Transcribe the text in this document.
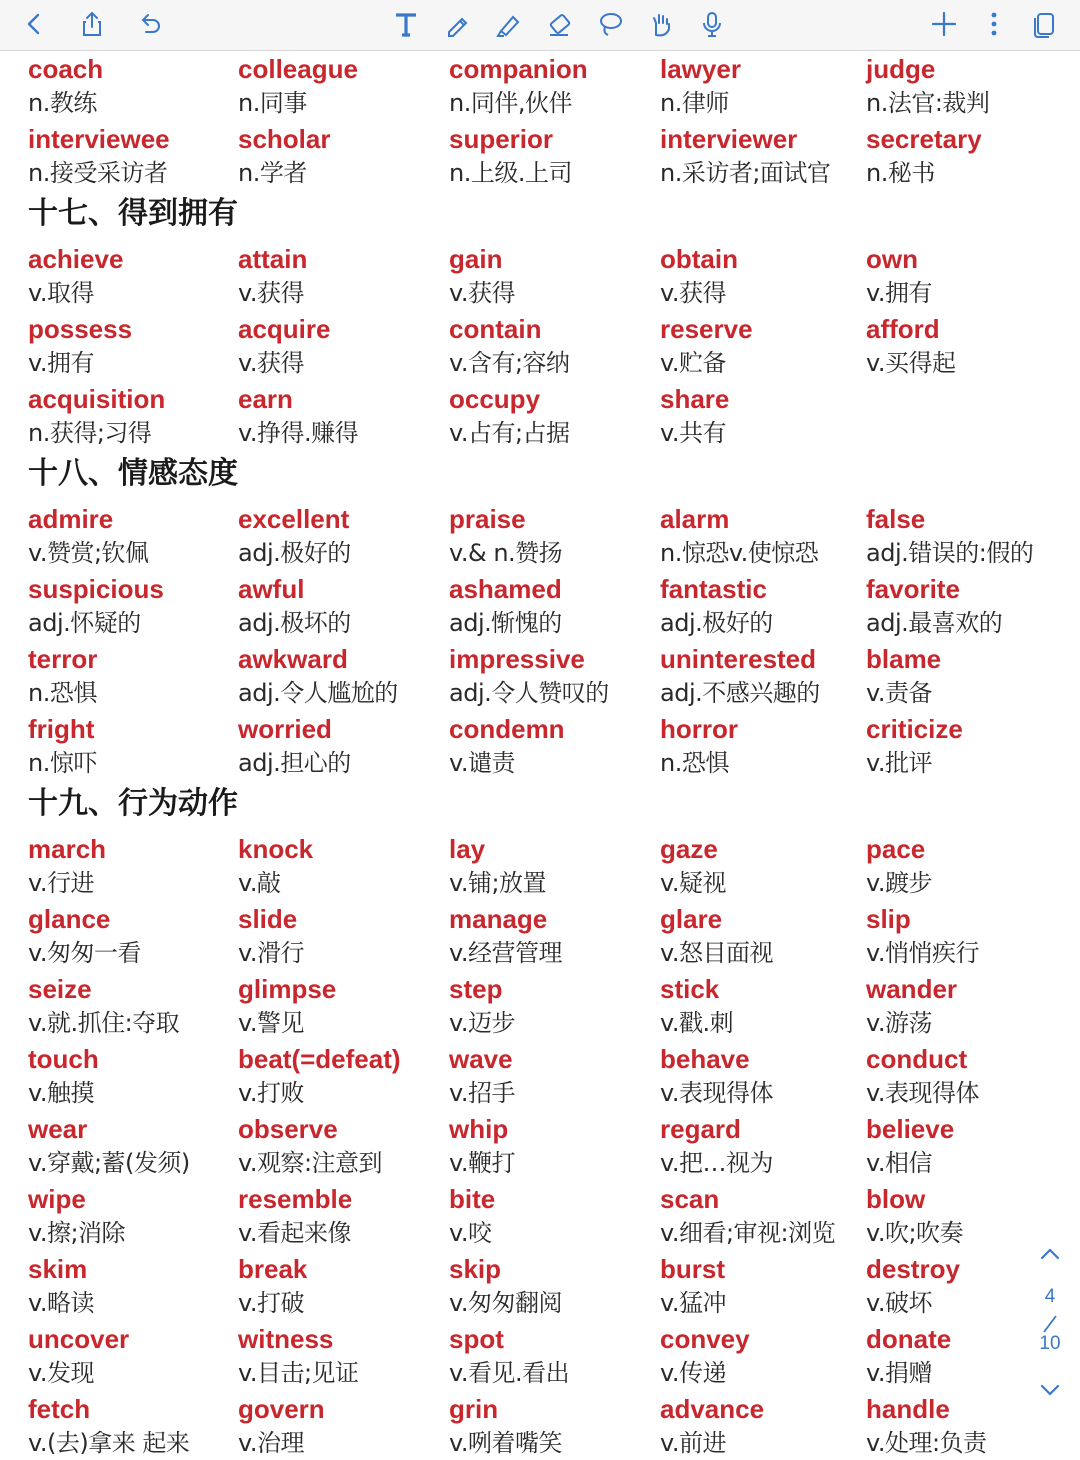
coach
n.教练
colleague
n.同事
companion
n.同伴,伙伴
lawyer
n.律师
judge
n.法官:裁判
interviewee
n.接受采访者
scholar
n.学者
superior
n.上级.上司
interviewer
n.采访者;面试官
secretary
n.秘书
十七、得到拥有
achieve
v.取得
attain
v.获得
gain
v.获得
obtain
v.获得
own
v.拥有
possess
v.拥有
acquire
v.获得
contain
v.含有;容纳
reserve
v.贮备
afford
v.买得起
acquisition
n.获得;习得
earn
v.挣得.赚得
occupy
v.占有;占据
share
v.共有
十八、情感态度
admire
v.赞赏;钦佩
excellent
adj.极好的
praise
v.& n.赞扬
alarm
n.惊恐v.使惊恐
false
adj.错误的:假的
suspicious
adj.怀疑的
awful
adj.极坏的
ashamed
adj.惭愧的
fantastic
adj.极好的
favorite
adj.最喜欢的
terror
n.恐惧
awkward
adj.令人尴尬的
impressive
adj.令人赞叹的
uninterested
adj.不感兴趣的
blame
v.责备
fright
n.惊吓
worried
adj.担心的
condemn
v.谴责
horror
n.恐惧
criticize
v.批评
十九、行为动作
march
v.行进
knock
v.敲
lay
v.铺;放置
gaze
v.疑视
pace
v.踱步
glance
v.匆匆一看
slide
v.滑行
manage
v.经营管理
glare
v.怒目面视
slip
v.悄悄疾行
seize
v.就.抓住:夺取
glimpse
v.警见
step
v.迈步
stick
v.戳.刺
wander
v.游荡
touch
v.触摸
beat(=defeat)
v.打败
wave
v.招手
behave
v.表现得体
conduct
v.表现得体
wear
v.穿戴;蓄(发须)
observe
v.观察:注意到
whip
v.鞭打
regard
v.把…视为
believe
v.相信
wipe
v.擦;消除
resemble
v.看起来像
bite
v.咬
scan
v.细看;审视:浏览
blow
v.吹;吹奏
skim
v.略读
break
v.打破
skip
v.匆匆翻阅
burst
v.猛冲
destroy
v.破坏
uncover
v.发现
witness
v.目击;见证
spot
v.看见.看出
convey
v.传递
donate
v.捐赠
fetch
v.(去)拿来 起来
govern
v.治理
grin
v.咧着嘴笑
advance
v.前进
handle
v.处理:负责
4
10
